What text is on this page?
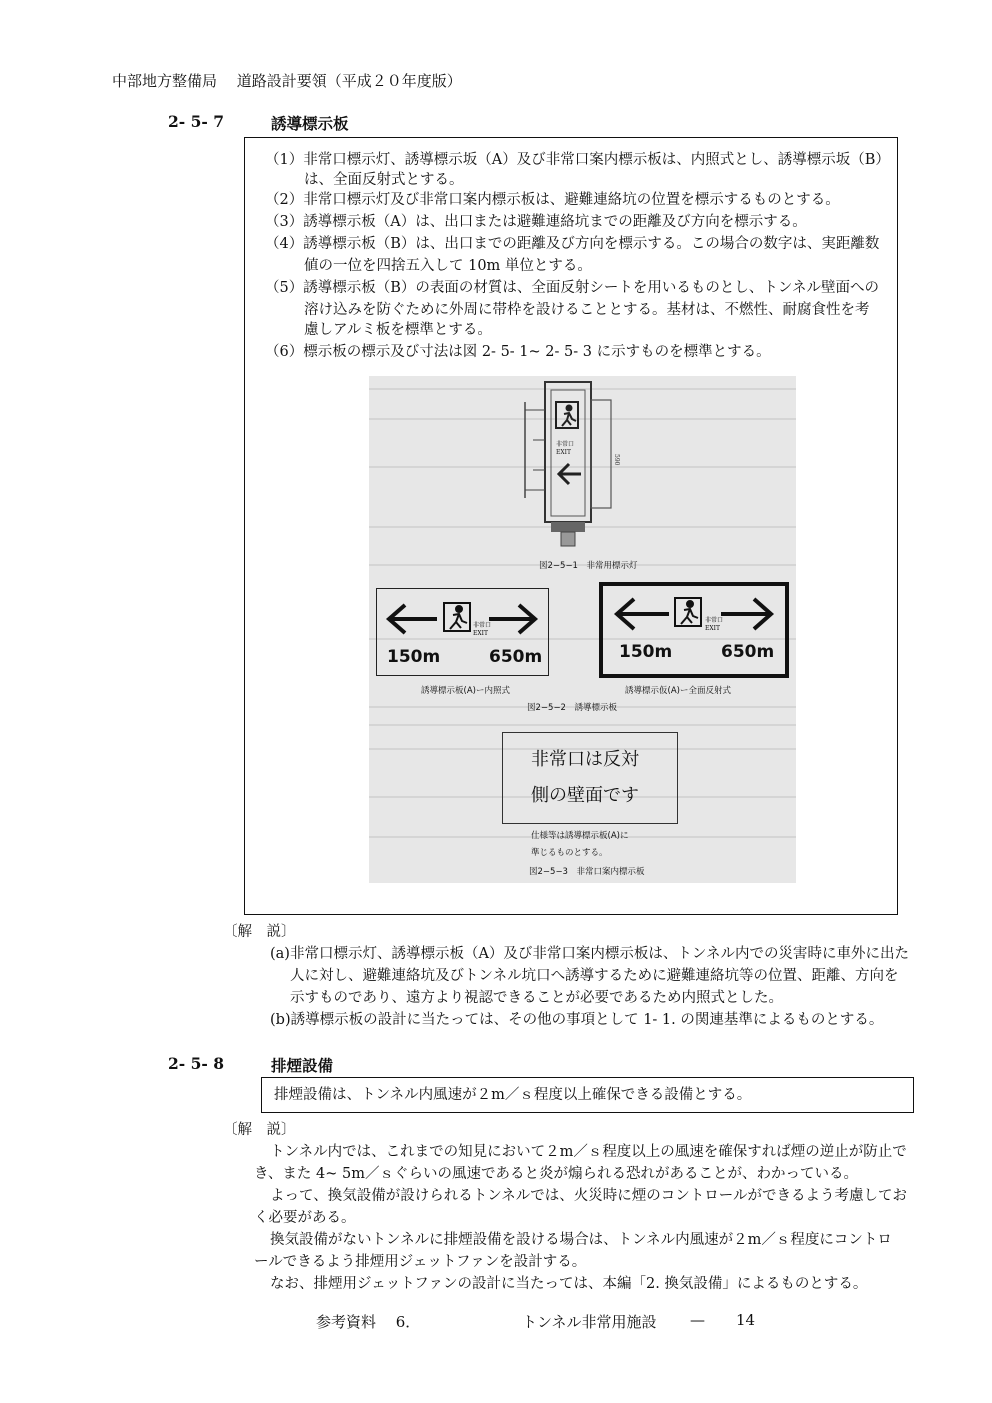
中部地方整備局　 道路設計要領（平成２０年度版）
2- 5- 7	誘導標示板
（1）非常口標示灯、誘導標示坂（A）及び非常口案内標示板は、内照式とし、誘導標示坂（B）
は、全面反射式とする。
（2）非常口標示灯及び非常口案内標示板は、避難連絡坑の位置を標示するものとする。
（3）誘導標示板（A）は、出口または避難連絡坑までの距離及び方向を標示する。
（4）誘導標示板（B）は、出口までの距離及び方向を標示する。この場合の数字は、実距離数
値の一位を四捨五入して 10m 単位とする。
（5）誘導標示板（B）の表面の材質は、全面反射シートを用いるものとし、トンネル壁面への
溶け込みを防ぐために外周に帯枠を設けることとする。基材は、不燃性、耐腐食性を考
慮しアルミ板を標準とする。
（6）標示板の標示及び寸法は図 2- 5- 1~ 2- 5- 3 に示すものを標準とする。
非常口
EXIT
590
図2−5−1　非常用標示灯
非常口
EXIT
150m	650m
誘導標示板(A)ー内照式
非常口
EXIT
150m	650m
誘導標示仮(A)ー全面反射式
図2−5−2　誘導標示板
非常口は反対
側の壁面です
仕様等は誘導標示板(A)に
準じるものとする。
図2−5−3　非常口案内標示板
〔解　説〕
(a)非常口標示灯、誘導標示板（A）及び非常口案内標示板は、トンネル内での災害時に車外に出た
人に対し、避難連絡坑及びトンネル坑口へ誘導するために避難連絡坑等の位置、距離、方向を
示すものであり、遠方より視認できることが必要であるため内照式とした。
(b)誘導標示板の設計に当たっては、その他の事項として 1- 1. の関連基準によるものとする。
2- 5- 8	排煙設備
排煙設備は、トンネル内風速が２m／ｓ程度以上確保できる設備とする。
〔解　説〕
トンネル内では、これまでの知見において２m／ｓ程度以上の風速を確保すれば煙の逆止が防止で
き、また 4~ 5m／ｓぐらいの風速であると炎が煽られる恐れがあることが、わかっている。
よって、換気設備が設けられるトンネルでは、火災時に煙のコントロールができるよう考慮してお
く必要がある。
換気設備がないトンネルに排煙設備を設ける場合は、トンネル内風速が２m／ｓ程度にコントロ
ールできるよう排煙用ジェットファンを設計する。
なお、排煙用ジェットファンの設計に当たっては、本編「2. 換気設備」によるものとする。
参考資料　 6．	トンネル非常用施設 — 14
